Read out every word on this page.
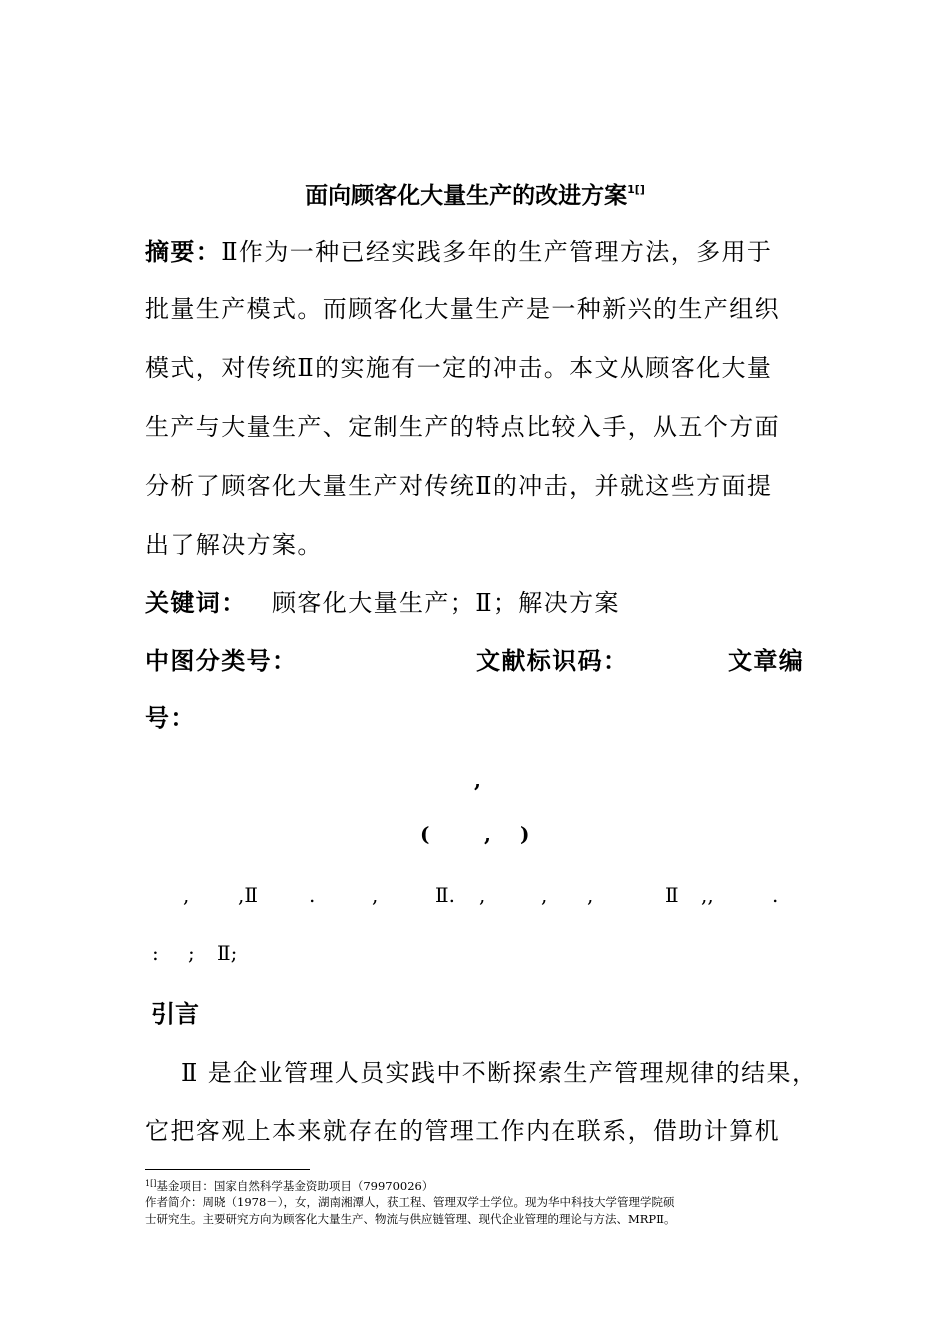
面向顾客化大量生产的改进方案$^{1[]}$
摘要：Ⅱ作为一种已经实践多年的生产管理方法，多用于
批量生产模式。而顾客化大量生产是一种新兴的生产组织
模式，对传统Ⅱ的实施有一定的冲击。本文从顾客化大量
生产与大量生产、定制生产的特点比较入手，从五个方面
分析了顾客化大量生产对传统Ⅱ的冲击，并就这些方面提
出了解决方案。
关键词： 顾客化大量生产；Ⅱ；解决方案
中图分类号：	文献标识码：	文章编
号：
,
(	, )
, ,Ⅱ	.	,	Ⅱ. ,	, ,	Ⅱ ,,	.
: ; Ⅱ;
引言
Ⅱ 是企业管理人员实践中不断探索生产管理规律的结果，
它把客观上本来就存在的管理工作内在联系，借助计算机
$^{1[]}$基金项目：国家自然科学基金资助项目（79970026）
作者简介：周晓（1978－），女，湖南湘潭人，获工程、管理双学士学位。现为华中科技大学管理学院硕
士研究生。主要研究方向为顾客化大量生产、物流与供应链管理、现代企业管理的理论与方法、MRPⅡ。
